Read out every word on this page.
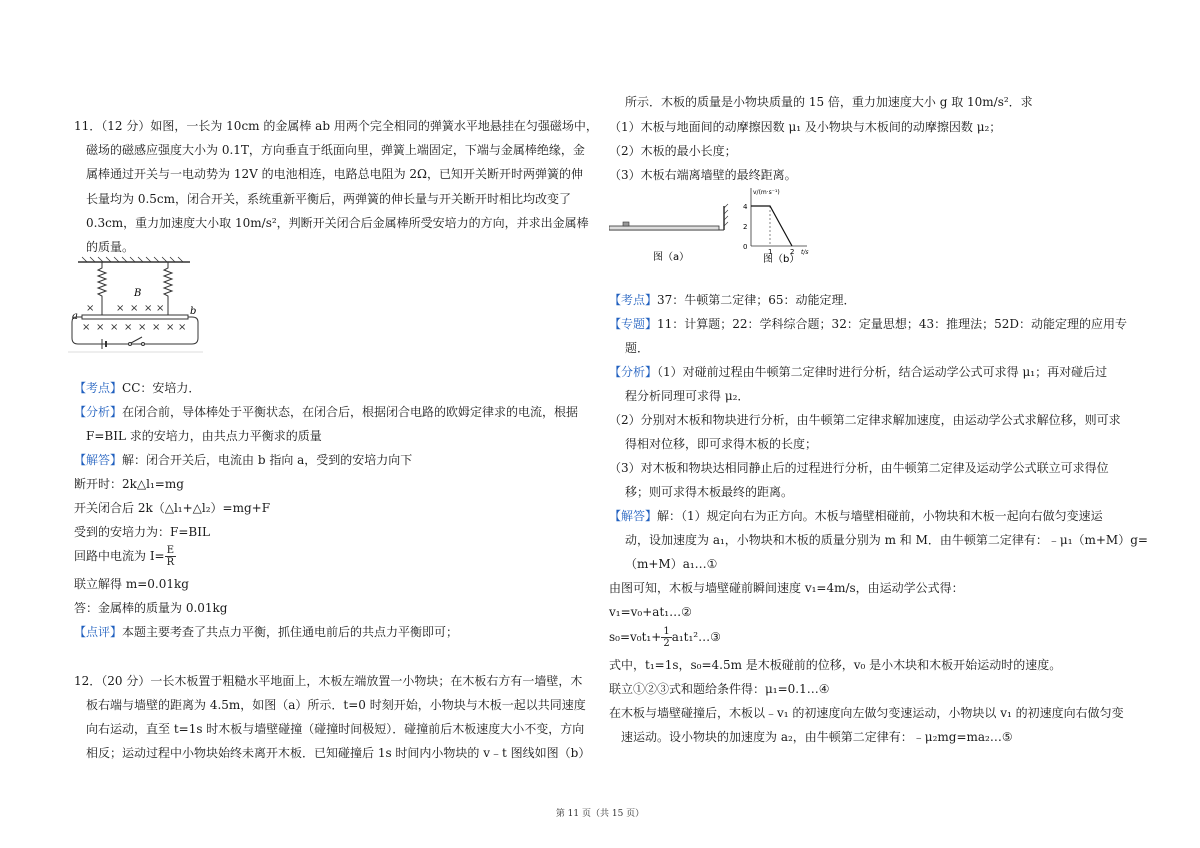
11．（12 分）如图，一长为 10cm 的金属棒 ab 用两个完全相同的弹簧水平地悬挂在匀强磁场中，
磁场的磁感应强度大小为 0.1T，方向垂直于纸面向里，弹簧上端固定，下端与金属棒绝缘，金
属棒通过开关与一电动势为 12V 的电池相连，电路总电阻为 2Ω，已知开关断开时两弹簧的伸
长量均为 0.5cm，闭合开关，系统重新平衡后，两弹簧的伸长量与开关断开时相比均改变了
0.3cm，重力加速度大小取 10m/s²，判断开关闭合后金属棒所受安培力的方向，并求出金属棒
的质量。
B
× × × × ×
× × × × × × × ×
a	b
【考点】CC：安培力．
【分析】在闭合前，导体棒处于平衡状态，在闭合后，根据闭合电路的欧姆定律求的电流，根据
F=BIL 求的安培力，由共点力平衡求的质量
【解答】解：闭合开关后，电流由 b 指向 a，受到的安培力向下
断开时：2k△l₁=mg
开关闭合后 2k（△l₁+△l₂）=mg+F
受到的安培力为：F=BIL
回路中电流为 $I= \frac{E}{R}$
联立解得 m=0.01kg
答：金属棒的质量为 0.01kg
【点评】本题主要考查了共点力平衡，抓住通电前后的共点力平衡即可；
12．（20 分）一长木板置于粗糙水平地面上，木板左端放置一小物块；在木板右方有一墙壁，木
板右端与墙壁的距离为 4.5m，如图（a）所示．t=0 时刻开始，小物块与木板一起以共同速度
向右运动，直至 t=1s 时木板与墙壁碰撞（碰撞时间极短）．碰撞前后木板速度大小不变，方向
相反；运动过程中小物块始终未离开木板．已知碰撞后 1s 时间内小物块的 v﹣t 图线如图（b）
所示．木板的质量是小物块质量的 15 倍，重力加速度大小 g 取 10m/s²．求
（1）木板与地面间的动摩擦因数 μ₁ 及小物块与木板间的动摩擦因数 μ₂；
（2）木板的最小长度；
（3）木板右端离墙壁的最终距离。
图（a）
v/(m·s⁻¹)
4
2
0
1	2 t/s
图（b）
【考点】37：牛顿第二定律；65：动能定理．
【专题】11：计算题；22：学科综合题；32：定量思想；43：推理法；52D：动能定理的应用专
题．
【分析】（1）对碰前过程由牛顿第二定律时进行分析，结合运动学公式可求得 μ₁；再对碰后过
程分析同理可求得 μ₂．
（2）分别对木板和物块进行分析，由牛顿第二定律求解加速度，由运动学公式求解位移，则可求
得相对位移，即可求得木板的长度；
（3）对木板和物块达相同静止后的过程进行分析，由牛顿第二定律及运动学公式联立可求得位
移；则可求得木板最终的距离。
【解答】解：（1）规定向右为正方向。木板与墙壁相碰前，小物块和木板一起向右做匀变速运
动，设加速度为 a₁，小物块和木板的质量分别为 m 和 M．由牛顿第二定律有：﹣μ₁（m+M）g=
（m+M）a₁…①
由图可知，木板与墙壁碰前瞬间速度 v₁=4m/s，由运动学公式得：
v₁=v₀+at₁…②
$s_0=v_0t_1+ \frac{1}{2}$ a₁t₁²…③
式中，t₁=1s，s₀=4.5m 是木板碰前的位移，v₀ 是小木块和木板开始运动时的速度。
联立①②③式和题给条件得：μ₁=0.1…④
在木板与墙壁碰撞后，木板以﹣v₁ 的初速度向左做匀变速运动，小物块以 v₁ 的初速度向右做匀变
速运动。设小物块的加速度为 a₂，由牛顿第二定律有：﹣μ₂mg=ma₂…⑤
第 11 页（共 15 页）
